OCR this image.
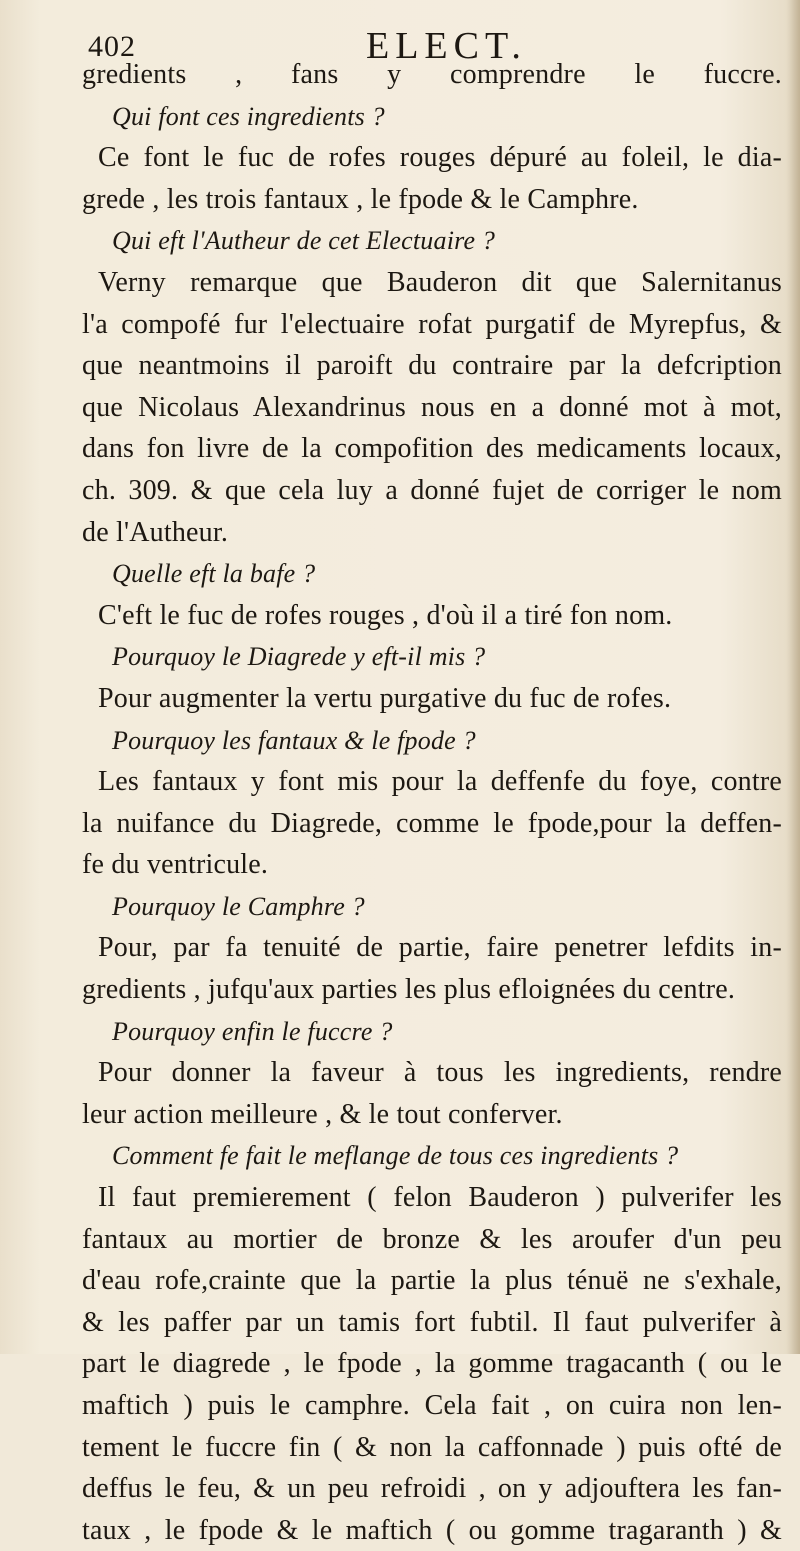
402	ELECT.
gredients , fans y comprendre le fuccre.
Qui font ces ingredients ?
Ce font le fuc de rofes rouges dépuré au foleil, le dia-
grede , les trois fantaux , le fpode & le Camphre.
Qui eft l'Autheur de cet Electuaire ?
Verny remarque que Bauderon dit que Salernitanus
l'a compofé fur l'electuaire rofat purgatif de Myrepfus, &
que neantmoins il paroift du contraire par la defcription
que Nicolaus Alexandrinus nous en a donné mot à mot,
dans fon livre de la compofition des medicaments locaux,
ch. 309. & que cela luy a donné fujet de corriger le nom
de l'Autheur.
Quelle eft la bafe ?
C'eft le fuc de rofes rouges , d'où il a tiré fon nom.
Pourquoy le Diagrede y eft-il mis ?
Pour augmenter la vertu purgative du fuc de rofes.
Pourquoy les fantaux & le fpode ?
Les fantaux y font mis pour la deffenfe du foye, contre
la nuifance du Diagrede, comme le fpode,pour la deffen-
fe du ventricule.
Pourquoy le Camphre ?
Pour, par fa tenuité de partie, faire penetrer lefdits in-
gredients , jufqu'aux parties les plus efloignées du centre.
Pourquoy enfin le fuccre ?
Pour donner la faveur à tous les ingredients, rendre
leur action meilleure , & le tout conferver.
Comment fe fait le meflange de tous ces ingredients ?
Il faut premierement ( felon Bauderon ) pulverifer les
fantaux au mortier de bronze & les aroufer d'un peu
d'eau rofe,crainte que la partie la plus ténuë ne s'exhale,
& les paffer par un tamis fort fubtil. Il faut pulverifer à
part le diagrede , le fpode , la gomme tragacanth ( ou le
maftich ) puis le camphre. Cela fait , on cuira non len-
tement le fuccre fin ( & non la caffonnade ) puis ofté de
deffus le feu, & un peu refroidi , on y adjouftera les fan-
taux , le fpode & le maftich ( ou gomme tragaranth ) &
